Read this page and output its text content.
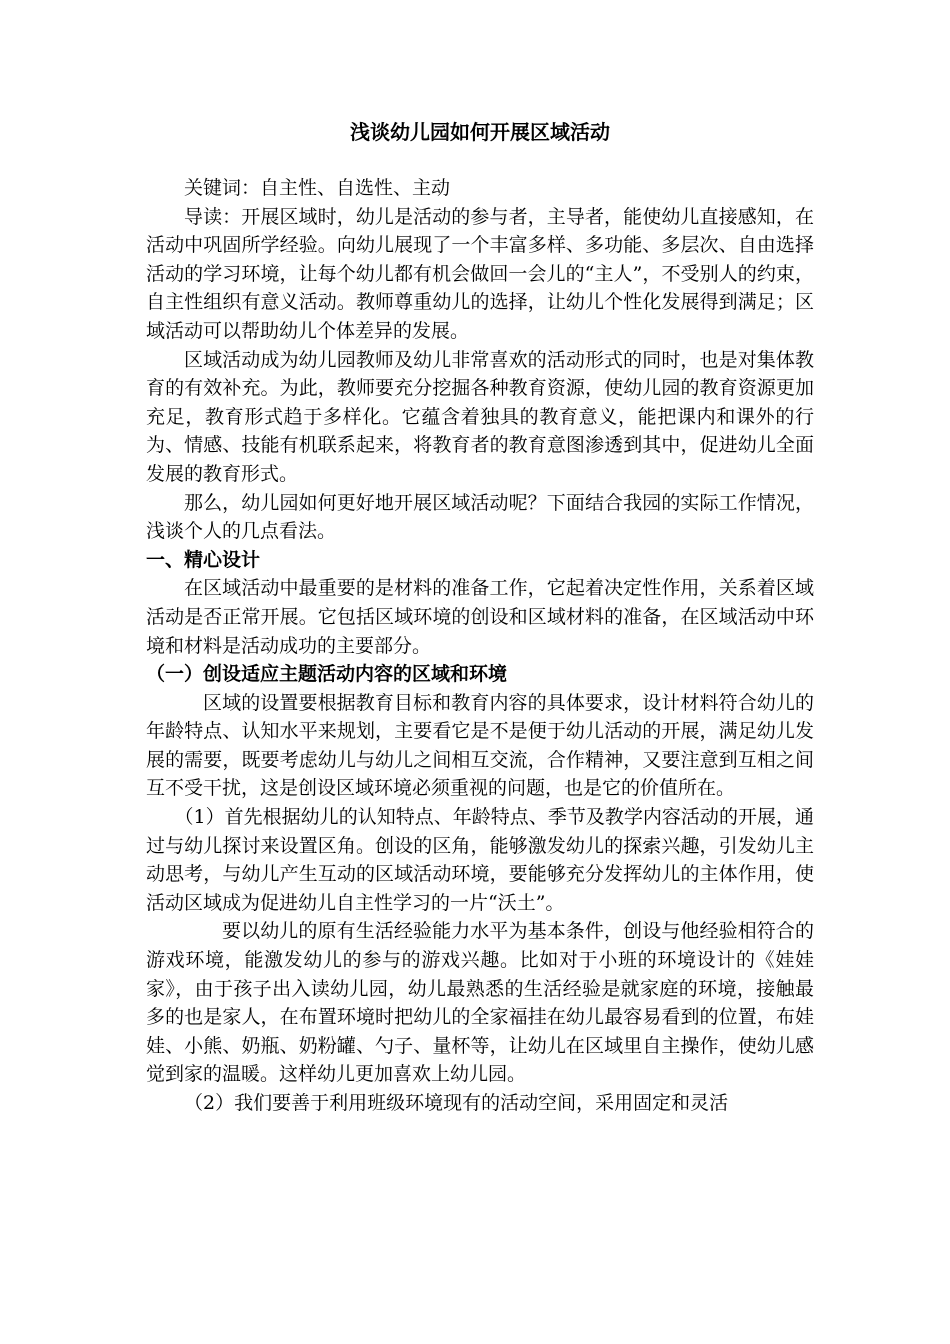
浅谈幼儿园如何开展区域活动

关键词：自主性、自选性、主动

导读：开展区域时，幼儿是活动的参与者，主导者，能使幼儿直接感知，在活动中巩固所学经验。向幼儿展现了一个丰富多样、多功能、多层次、自由选择活动的学习环境，让每个幼儿都有机会做回一会儿的“主人”，不受别人的约束，自主性组织有意义活动。教师尊重幼儿的选择，让幼儿个性化发展得到满足；区域活动可以帮助幼儿个体差异的发展。

区域活动成为幼儿园教师及幼儿非常喜欢的活动形式的同时，也是对集体教育的有效补充。为此，教师要充分挖掘各种教育资源，使幼儿园的教育资源更加充足，教育形式趋于多样化。它蕴含着独具的教育意义，能把课内和课外的行为、情感、技能有机联系起来，将教育者的教育意图渗透到其中，促进幼儿全面发展的教育形式。

那么，幼儿园如何更好地开展区域活动呢？下面结合我园的实际工作情况，浅谈个人的几点看法。

一、精心设计

在区域活动中最重要的是材料的准备工作，它起着决定性作用，关系着区域活动是否正常开展。它包括区域环境的创设和区域材料的准备，在区域活动中环境和材料是活动成功的主要部分。

（一）创设适应主题活动内容的区域和环境

区域的设置要根据教育目标和教育内容的具体要求，设计材料符合幼儿的年龄特点、认知水平来规划，主要看它是不是便于幼儿活动的开展，满足幼儿发展的需要，既要考虑幼儿与幼儿之间相互交流，合作精神，又要注意到互相之间互不受干扰，这是创设区域环境必须重视的问题，也是它的价值所在。

（1）首先根据幼儿的认知特点、年龄特点、季节及教学内容活动的开展，通过与幼儿探讨来设置区角。创设的区角，能够激发幼儿的探索兴趣，引发幼儿主动思考，与幼儿产生互动的区域活动环境，要能够充分发挥幼儿的主体作用，使活动区域成为促进幼儿自主性学习的一片“沃土”。

要以幼儿的原有生活经验能力水平为基本条件，创设与他经验相符合的游戏环境，能激发幼儿的参与的游戏兴趣。比如对于小班的环境设计的《娃娃家》，由于孩子出入读幼儿园，幼儿最熟悉的生活经验是就家庭的环境，接触最多的也是家人，在布置环境时把幼儿的全家福挂在幼儿最容易看到的位置，布娃娃、小熊、奶瓶、奶粉罐、勺子、量杯等，让幼儿在区域里自主操作，使幼儿感觉到家的温暖。这样幼儿更加喜欢上幼儿园。

（2）我们要善于利用班级环境现有的活动空间，采用固定和灵活
